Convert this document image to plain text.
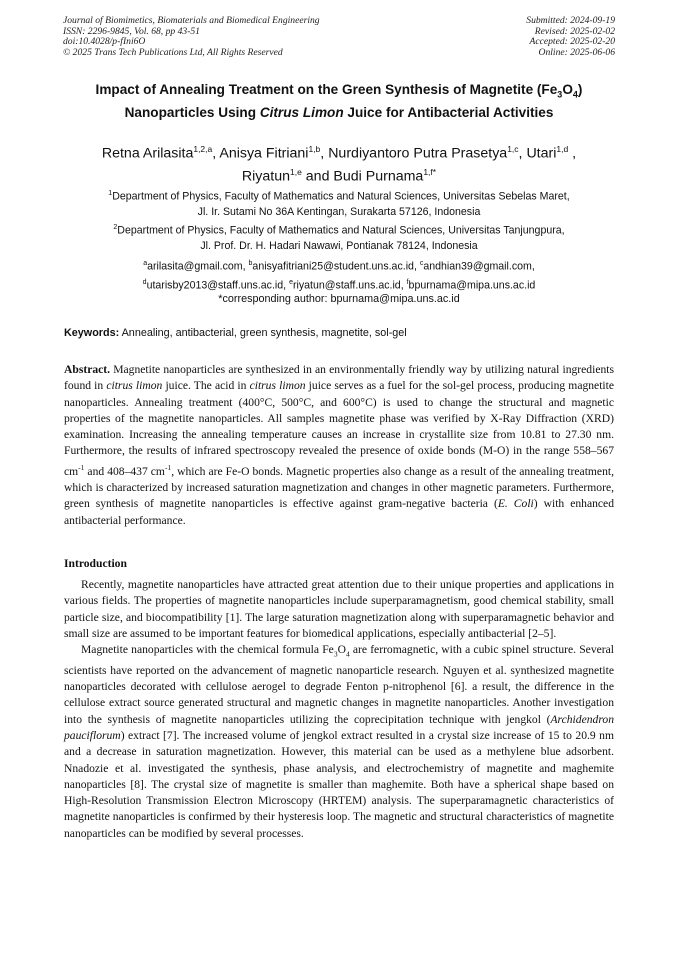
Journal of Biomimetics, Biomaterials and Biomedical Engineering
ISSN: 2296-9845, Vol. 68, pp 43-51
doi:10.4028/p-fIni6O
© 2025 Trans Tech Publications Ltd, All Rights Reserved
Submitted: 2024-09-19
Revised: 2025-02-02
Accepted: 2025-02-20
Online: 2025-06-06
Impact of Annealing Treatment on the Green Synthesis of Magnetite $(Fe_3O_4)$ Nanoparticles Using Citrus Limon Juice for Antibacterial Activities
Retna Arilasita$^{1,2,a}$, Anisya Fitriani$^{1,b}$, Nurdiyantoro Putra Prasetya$^{1,c}$, Utari$^{1,d}$ ,
Riyatun$^{1,e}$ and Budi Purnama$^{1,f*}$
$^1$Department of Physics, Faculty of Mathematics and Natural Sciences, Universitas Sebelas Maret,
Jl. Ir. Sutami No 36A Kentingan, Surakarta 57126, Indonesia
$^2$Department of Physics, Faculty of Mathematics and Natural Sciences, Universitas Tanjungpura,
Jl. Prof. Dr. H. Hadari Nawawi, Pontianak 78124, Indonesia
$^a$arilasita@gmail.com, $^b$anisyafitriani25@student.uns.ac.id, $^c$andhian39@gmail.com,
$^d$utarisby2013@staff.uns.ac.id, $^e$riyatun@staff.uns.ac.id, $^f$bpurnama@mipa.uns.ac.id
*corresponding author: bpurnama@mipa.uns.ac.id
Keywords: Annealing, antibacterial, green synthesis, magnetite, sol-gel
Abstract. Magnetite nanoparticles are synthesized in an environmentally friendly way by utilizing natural ingredients found in citrus limon juice. The acid in citrus limon juice serves as a fuel for the sol-gel process, producing magnetite nanoparticles. Annealing treatment (400°C, 500°C, and 600°C) is used to change the structural and magnetic properties of the magnetite nanoparticles. All samples magnetite phase was verified by X-Ray Diffraction (XRD) examination. Increasing the annealing temperature causes an increase in crystallite size from 10.81 to 27.30 nm. Furthermore, the results of infrared spectroscopy revealed the presence of oxide bonds (M-O) in the range 558–567 $cm^{-1}$ and 408–437 $cm^{-1}$, which are Fe-O bonds. Magnetic properties also change as a result of the annealing treatment, which is characterized by increased saturation magnetization and changes in other magnetic parameters. Furthermore, green synthesis of magnetite nanoparticles is effective against gram-negative bacteria (E. Coli) with enhanced antibacterial performance.
Introduction

Recently, magnetite nanoparticles have attracted great attention due to their unique properties and applications in various fields. The properties of magnetite nanoparticles include superparamagnetism, good chemical stability, small particle size, and biocompatibility [1]. The large saturation magnetization along with superparamagnetic behavior and small size are assumed to be important features for biomedical applications, especially antibacterial [2–5].

Magnetite nanoparticles with the chemical formula $Fe_3O_4$ are ferromagnetic, with a cubic spinel structure. Several scientists have reported on the advancement of magnetic nanoparticle research. Nguyen et al. synthesized magnetite nanoparticles decorated with cellulose aerogel to degrade Fenton p-nitrophenol [6]. a result, the difference in the cellulose extract source generated structural and magnetic changes in magnetite nanoparticles. Another investigation into the synthesis of magnetite nanoparticles utilizing the coprecipitation technique with jengkol (Archidendron pauciflorum) extract [7]. The increased volume of jengkol extract resulted in a crystal size increase of 15 to 20.9 nm and a decrease in saturation magnetization. However, this material can be used as a methylene blue adsorbent. Nnadozie et al. investigated the synthesis, phase analysis, and electrochemistry of magnetite and maghemite nanoparticles [8]. The crystal size of magnetite is smaller than maghemite. Both have a spherical shape based on High-Resolution Transmission Electron Microscopy (HRTEM) analysis. The superparamagnetic characteristics of magnetite nanoparticles is confirmed by their hysteresis loop. The magnetic and structural characteristics of magnetite nanoparticles can be modified by several processes.
